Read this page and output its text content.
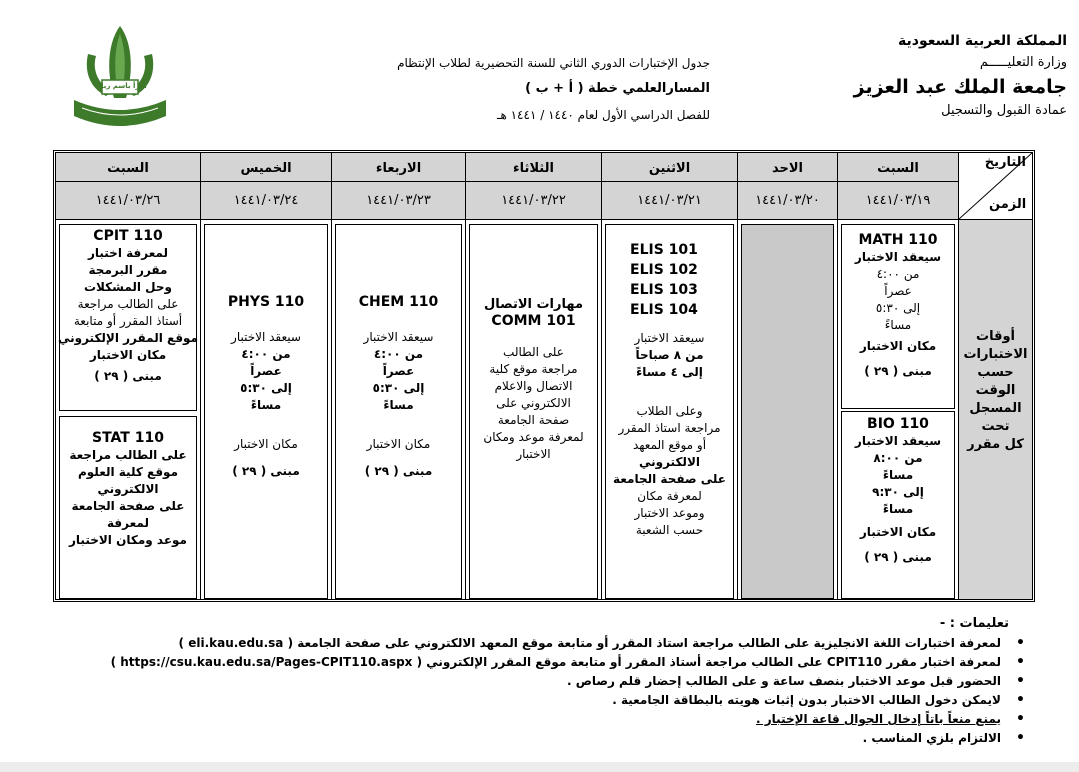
المملكة العربية السعودية
وزارة التعليـــــم
جامعة الملك عبد العزيز
عمادة القبول والتسجيل
جدول الإختبارات الدوري الثاني للسنة التحضيرية لطلاب الإنتظام
المسارالعلمي خطة ( أ + ب )
للفصل الدراسي الأول لعام ١٤٤٠ / ١٤٤١ هـ
اقرأ باسم ربك
السبت
١٤٤١/٠٣/٢٦
الخميس
١٤٤١/٠٣/٢٤
الاربعاء
١٤٤١/٠٣/٢٣
الثلاثاء
١٤٤١/٠٣/٢٢
الاثنين
١٤٤١/٠٣/٢١
الاحد
١٤٤١/٠٣/٢٠
السبت
١٤٤١/٠٣/١٩
التاريخ
الزمن
CPIT 110
لمعرفة اختبار
مقرر البرمجة
وحل المشكلات
على الطالب مراجعة
أستاذ المقرر أو متابعة
موقع المقرر الإلكتروني
مكان الاختبار
مبنى ( ٢٩ )
STAT 110
على الطالب مراجعة
موقع كلية العلوم
الالكتروني
على صفحة الجامعة
لمعرفة
موعد ومكان الاختبار
PHYS 110
سيعقد الاختبار
من ٤:٠٠
عصراً
إلى ٥:٣٠
مساءً
مكان الاختبار
مبنى ( ٢٩ )
CHEM 110
سيعقد الاختبار
من ٤:٠٠
عصراً
إلى ٥:٣٠
مساءً
مكان الاختبار
مبنى ( ٢٩ )
مهارات الاتصال
COMM 101
على الطالب
مراجعة موقع كلية
الاتصال والاعلام
الالكتروني على
صفحة الجامعة
لمعرفة موعد ومكان
الاختبار
ELIS 101
ELIS 102
ELIS 103
ELIS 104
سيعقد الاختبار
من ٨ صباحاً
إلى ٤ مساءً
وعلى الطلاب
مراجعة استاذ المقرر
أو موقع المعهد
الالكتروني
على صفحة الجامعة
لمعرفة مكان
وموعد الاختبار
حسب الشعبة
MATH 110
سيعقد الاختبار
من ٤:٠٠
عصراً
إلى ٥:٣٠
مساءً
مكان الاختبار
مبنى ( ٢٩ )
BIO 110
سيعقد الاختبار
من ٨:٠٠
مساءً
إلى ٩:٣٠
مساءً
مكان الاختبار
مبنى ( ٢٩ )
أوقات
الاختبارات
حسب
الوقت
المسجل
تحت
كل مقرر
تعليمات : -
• لمعرفة اختبارات اللغة الانجليزية على الطالب مراجعة استاذ المقرر أو متابعة موقع المعهد الالكتروني على صفحة الجامعة ( eli.kau.edu.sa )
• لمعرفة اختبار مقرر CPIT110 على الطالب مراجعة أستاذ المقرر أو متابعة موقع المقرر الإلكتروني ( https://csu.kau.edu.sa/Pages-CPIT110.aspx )
• الحضور قبل موعد الاختبار بنصف ساعة و على الطالب إحضار قلم رصاص .
• لايمكن دخول الطالب الاختبار بدون إثبات هويته بالبطاقة الجامعية .
• يمنع منعاً باتاً إدخال الجوال قاعة الإختبار .
• الالتزام بلزي المناسب .
